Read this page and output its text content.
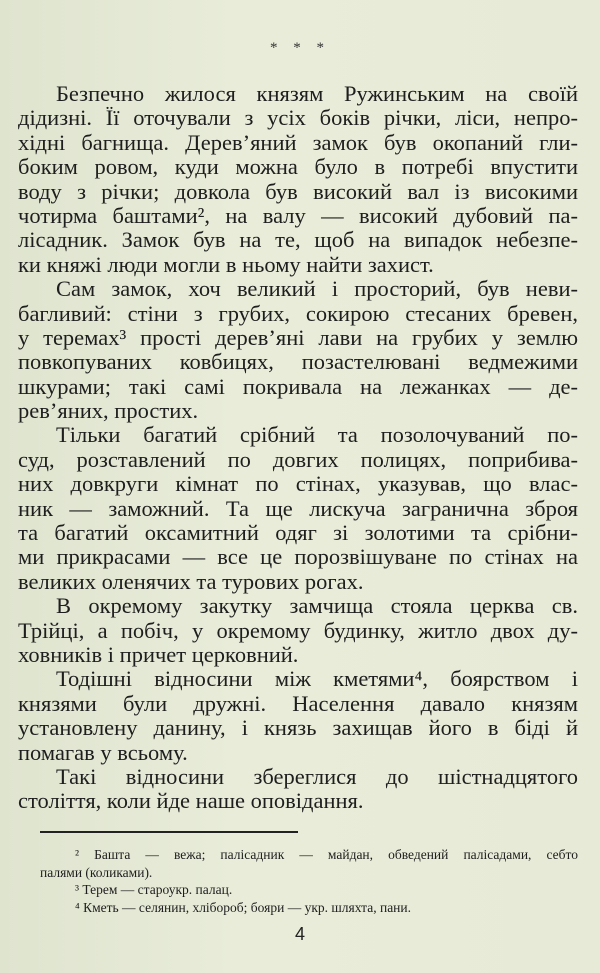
* * *
Безпечно жилося князям Ружинським на своїй
дідизні. Її оточували з усіх боків річки, ліси, непро-
хідні багнища. Дерев’яний замок був окопаний гли-
боким ровом, куди можна було в потребі впустити
воду з річки; довкола був високий вал із високими
чотирма баштами², на валу — високий дубовий па-
лісадник. Замок був на те, щоб на випадок небезпе-
ки княжі люди могли в ньому найти захист.
Сам замок, хоч великий і просторий, був неви-
багливий: стіни з грубих, сокирою стесаних бревен,
у теремах³ прості дерев’яні лави на грубих у землю
повкопуваних ковбицях, позастелювані ведмежими
шкурами; такі самі покривала на лежанках — де-
рев’яних, простих.
Тільки багатий срібний та позолочуваний по-
суд, розставлений по довгих полицях, поприбива-
них довкруги кімнат по стінах, указував, що влас-
ник — заможний. Та ще лискуча загранична зброя
та багатий оксамитний одяг зі золотими та срібни-
ми прикрасами — все це порозвішуване по стінах на
великих оленячих та турових рогах.
В окремому закутку замчища стояла церква св.
Трійці, а побіч, у окремому будинку, житло двох ду-
ховників і причет церковний.
Тодішні відносини між кметями⁴, боярством і
князями були дружні. Населення давало князям
установлену данину, і князь захищав його в біді й
помагав у всьому.
Такі відносини збереглися до шістнадцятого
століття, коли йде наше оповідання.
² Башта — вежа; палісадник — майдан, обведений палісадами, себто
палями (коликами).
³ Терем — староукр. палац.
⁴ Кметь — селянин, хлібороб; бояри — укр. шляхта, пани.
4
